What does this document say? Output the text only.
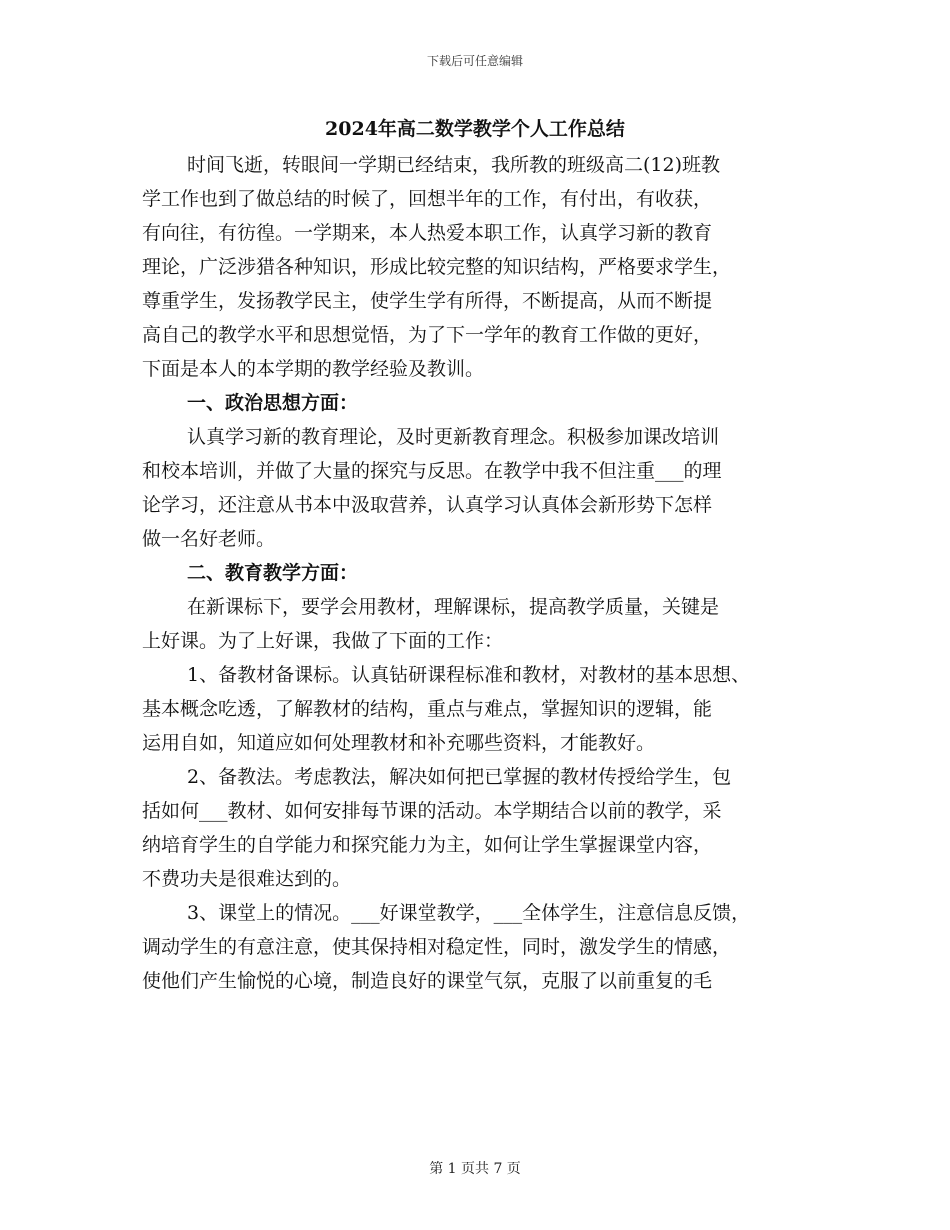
下载后可任意编辑
2024年高二数学教学个人工作总结
时间飞逝，转眼间一学期已经结束，我所教的班级高二(12)班教
学工作也到了做总结的时候了，回想半年的工作，有付出，有收获，
有向往，有彷徨。一学期来，本人热爱本职工作，认真学习新的教育
理论，广泛涉猎各种知识，形成比较完整的知识结构，严格要求学生，
尊重学生，发扬教学民主，使学生学有所得，不断提高，从而不断提
高自己的教学水平和思想觉悟，为了下一学年的教育工作做的更好，
下面是本人的本学期的教学经验及教训。
一、政治思想方面：
认真学习新的教育理论，及时更新教育理念。积极参加课改培训
和校本培训，并做了大量的探究与反思。在教学中我不但注重___的理
论学习，还注意从书本中汲取营养，认真学习认真体会新形势下怎样
做一名好老师。
二、教育教学方面：
在新课标下，要学会用教材，理解课标，提高教学质量，关键是
上好课。为了上好课，我做了下面的工作：
1、备教材备课标。认真钻研课程标准和教材，对教材的基本思想、
基本概念吃透，了解教材的结构，重点与难点，掌握知识的逻辑，能
运用自如，知道应如何处理教材和补充哪些资料，才能教好。
2、备教法。考虑教法，解决如何把已掌握的教材传授给学生，包
括如何___教材、如何安排每节课的活动。本学期结合以前的教学，采
纳培育学生的自学能力和探究能力为主，如何让学生掌握课堂内容，
不费功夫是很难达到的。
3、课堂上的情况。___好课堂教学，___全体学生，注意信息反馈，
调动学生的有意注意，使其保持相对稳定性，同时，激发学生的情感，
使他们产生愉悦的心境，制造良好的课堂气氛，克服了以前重复的毛
第 1 页共 7 页
